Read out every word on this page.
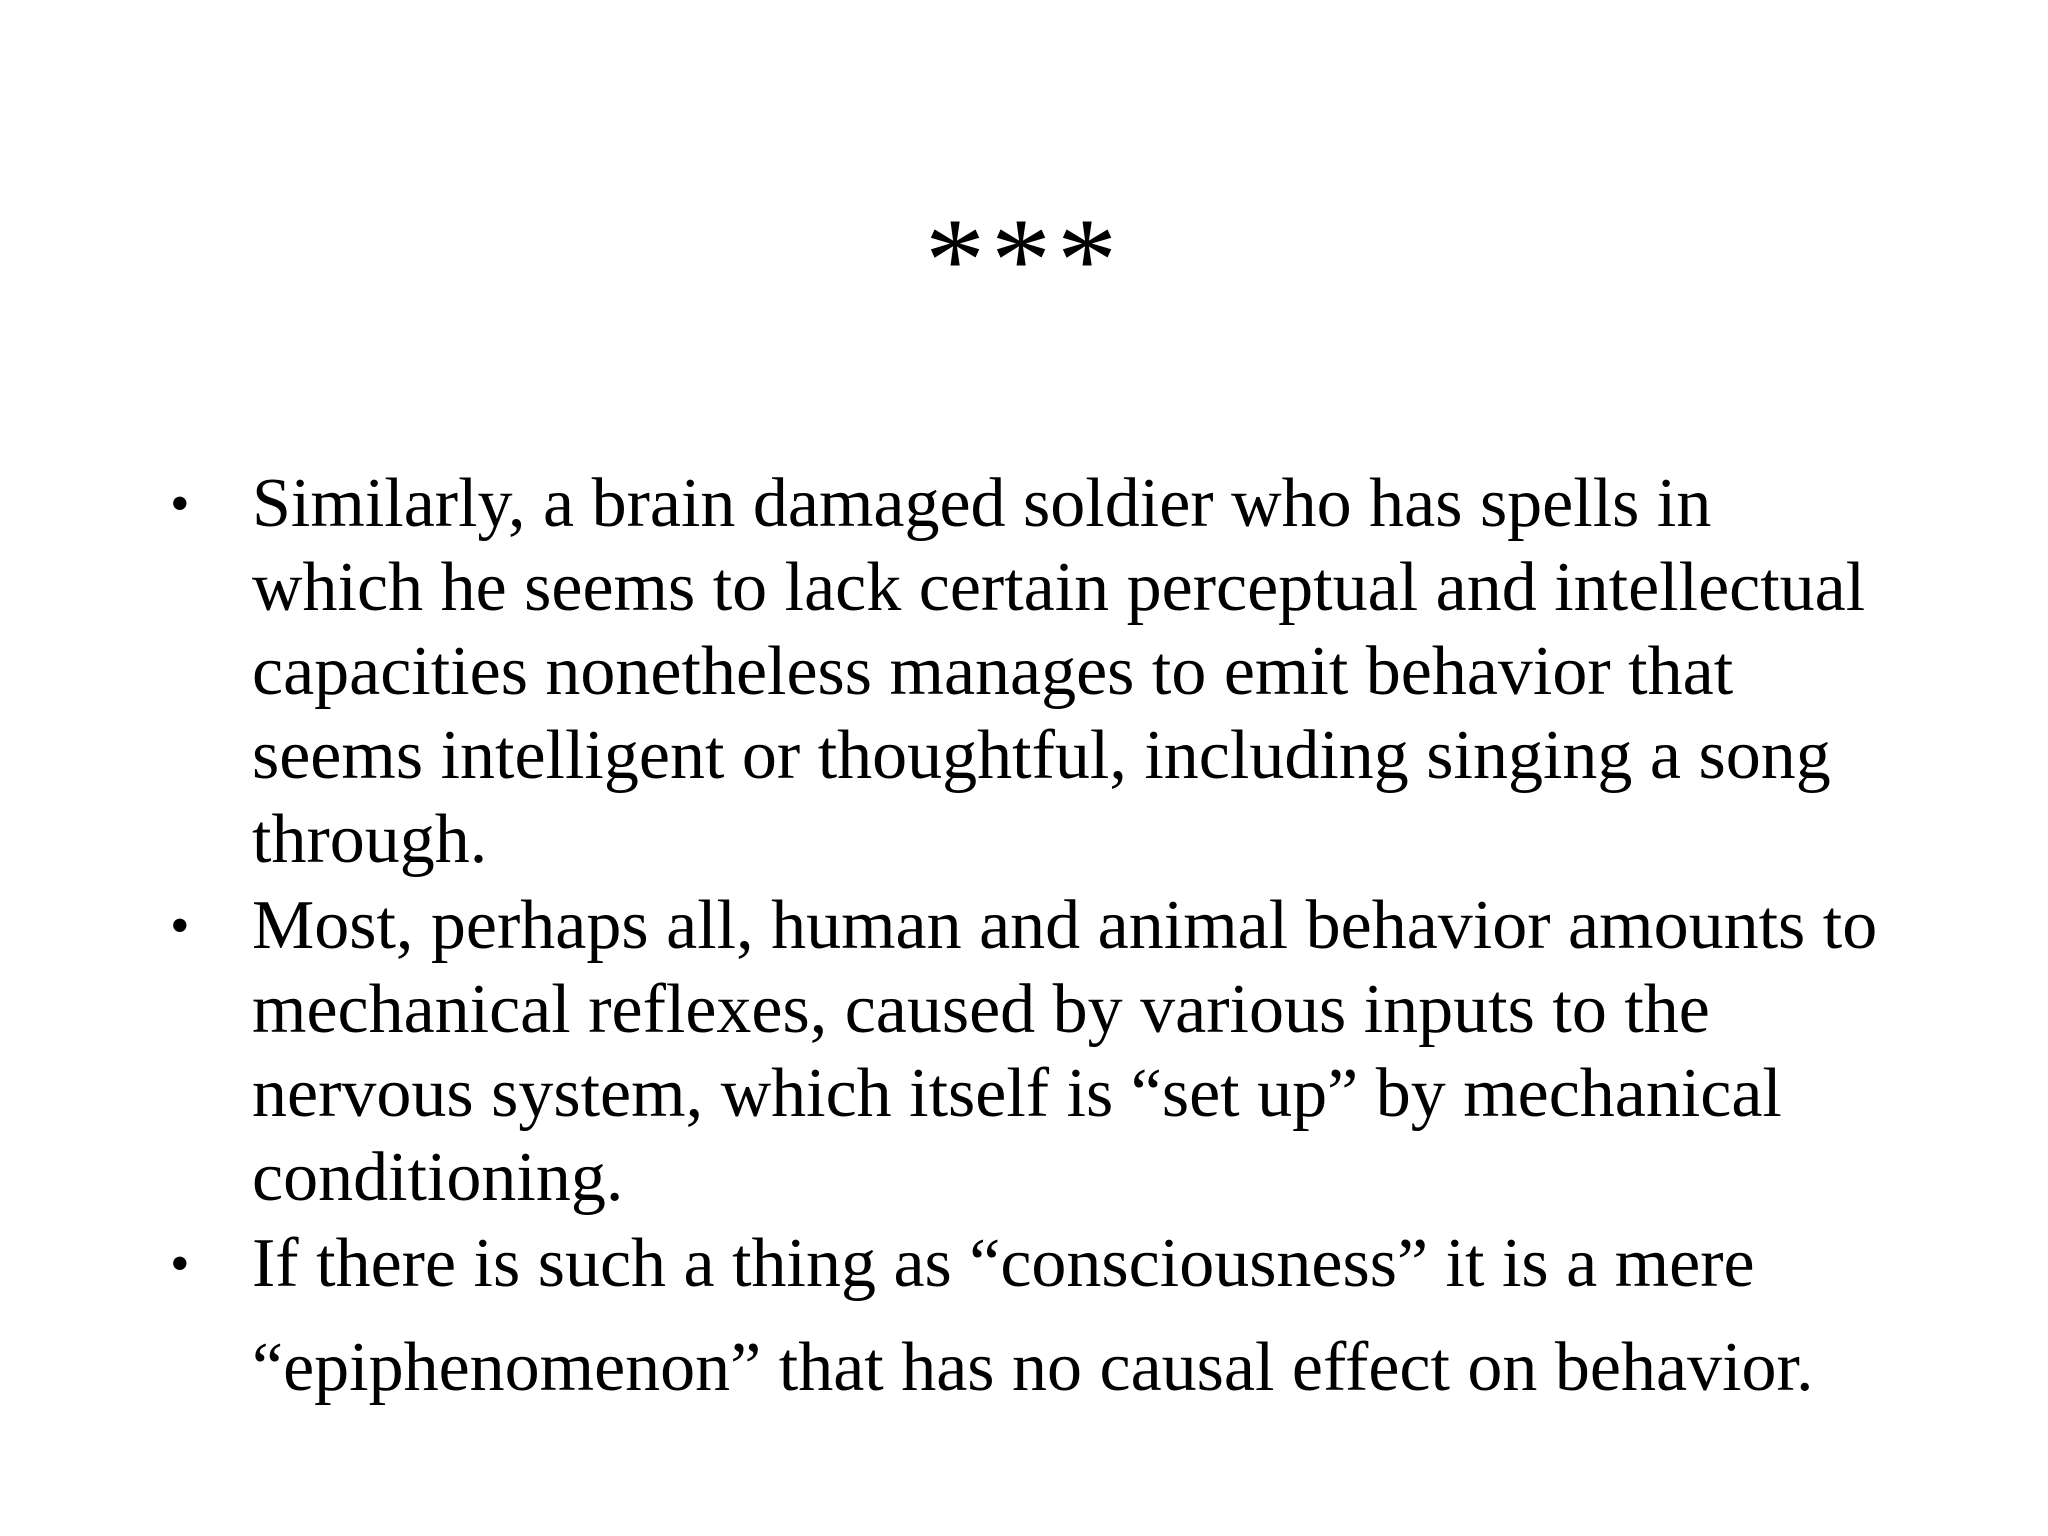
***
• Similarly, a brain damaged soldier who has spells in which he seems to lack certain perceptual and intellectual capacities nonetheless manages to emit behavior that seems intelligent or thoughtful, including singing a song through.
• Most, perhaps all, human and animal behavior amounts to mechanical reflexes, caused by various inputs to the nervous system, which itself is “set up” by mechanical conditioning.
• If there is such a thing as “consciousness” it is a mere “epiphenomenon” that has no causal effect on behavior.
